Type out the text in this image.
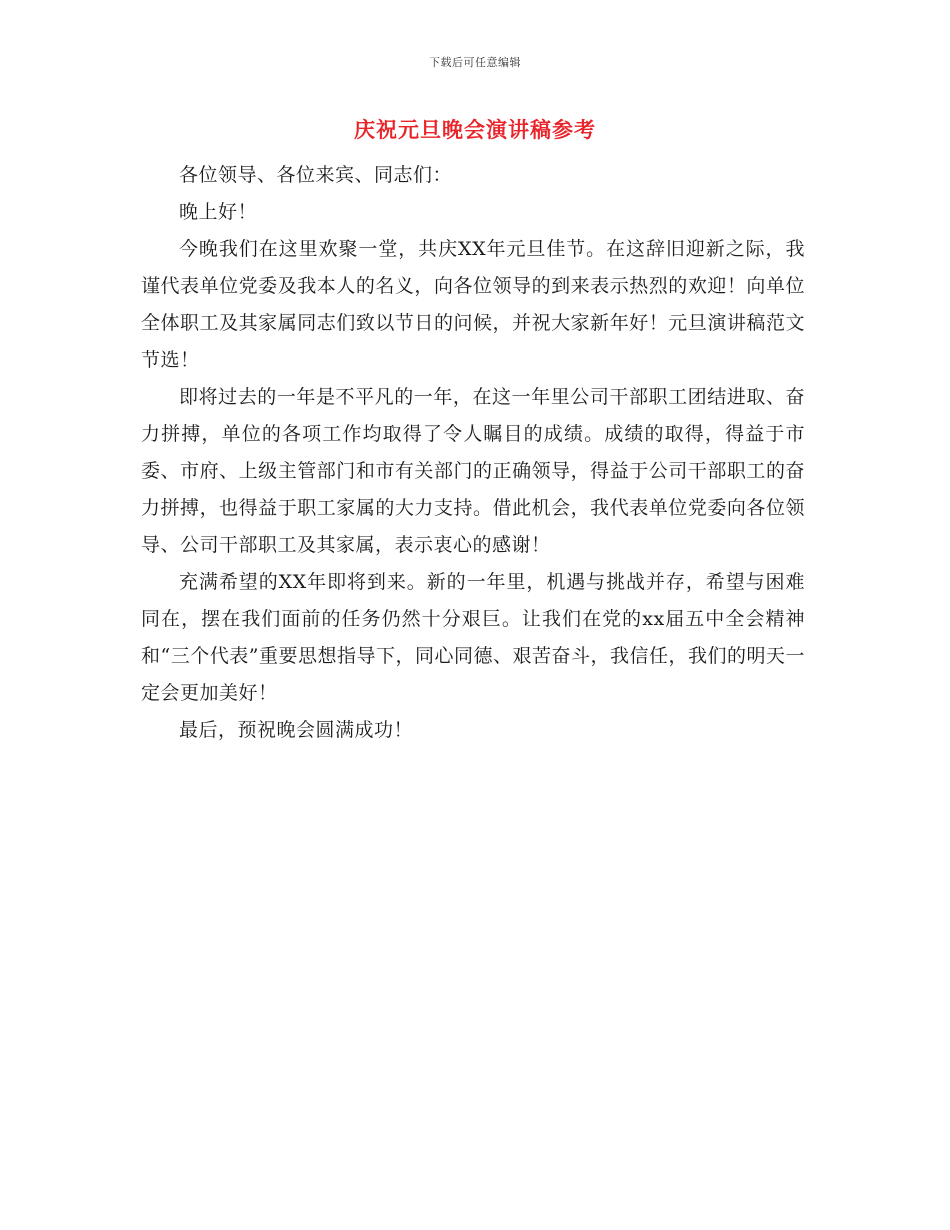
下载后可任意编辑
庆祝元旦晚会演讲稿参考

各位领导、各位来宾、同志们：

晚上好！

今晚我们在这里欢聚一堂，共庆XX年元旦佳节。在这辞旧迎新之际，我谨代表单位党委及我本人的名义，向各位领导的到来表示热烈的欢迎！向单位全体职工及其家属同志们致以节日的问候，并祝大家新年好！元旦演讲稿范文节选！

即将过去的一年是不平凡的一年，在这一年里公司干部职工团结进取、奋力拼搏，单位的各项工作均取得了令人瞩目的成绩。成绩的取得，得益于市委、市府、上级主管部门和市有关部门的正确领导，得益于公司干部职工的奋力拼搏，也得益于职工家属的大力支持。借此机会，我代表单位党委向各位领导、公司干部职工及其家属，表示衷心的感谢！

充满希望的XX年即将到来。新的一年里，机遇与挑战并存，希望与困难同在，摆在我们面前的任务仍然十分艰巨。让我们在党的xx届五中全会精神和“三个代表”重要思想指导下，同心同德、艰苦奋斗，我信任，我们的明天一定会更加美好！

最后，预祝晚会圆满成功！
